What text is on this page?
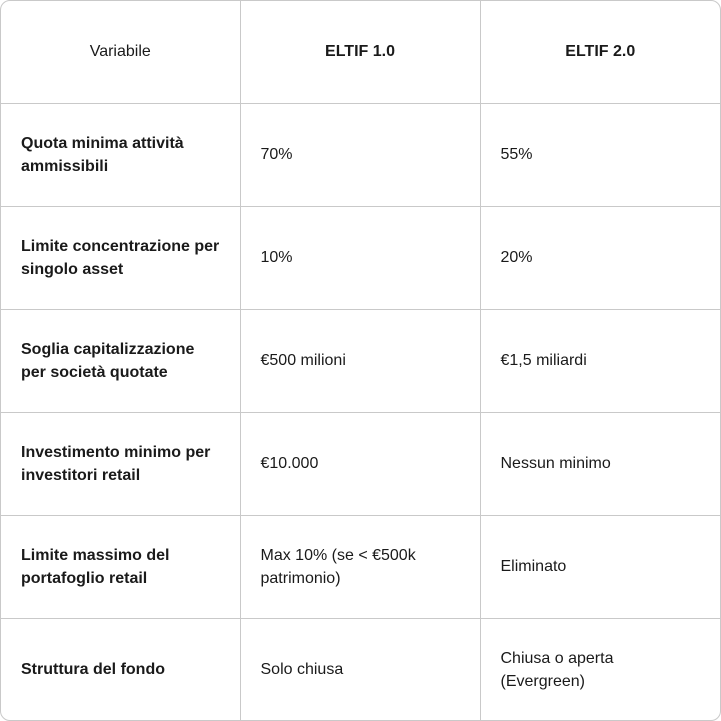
Variabile	ELTIF 1.0	ELTIF 2.0
Quota minima attività ammissibili	70%	55%
Limite concentrazione per singolo asset	10%	20%
Soglia capitalizzazione per società quotate	€500 milioni	€1,5 miliardi
Investimento minimo per investitori retail	€10.000	Nessun minimo
Limite massimo del portafoglio retail	Max 10% (se < €500k patrimonio)	Eliminato
Struttura del fondo	Solo chiusa	Chiusa o aperta (Evergreen)
